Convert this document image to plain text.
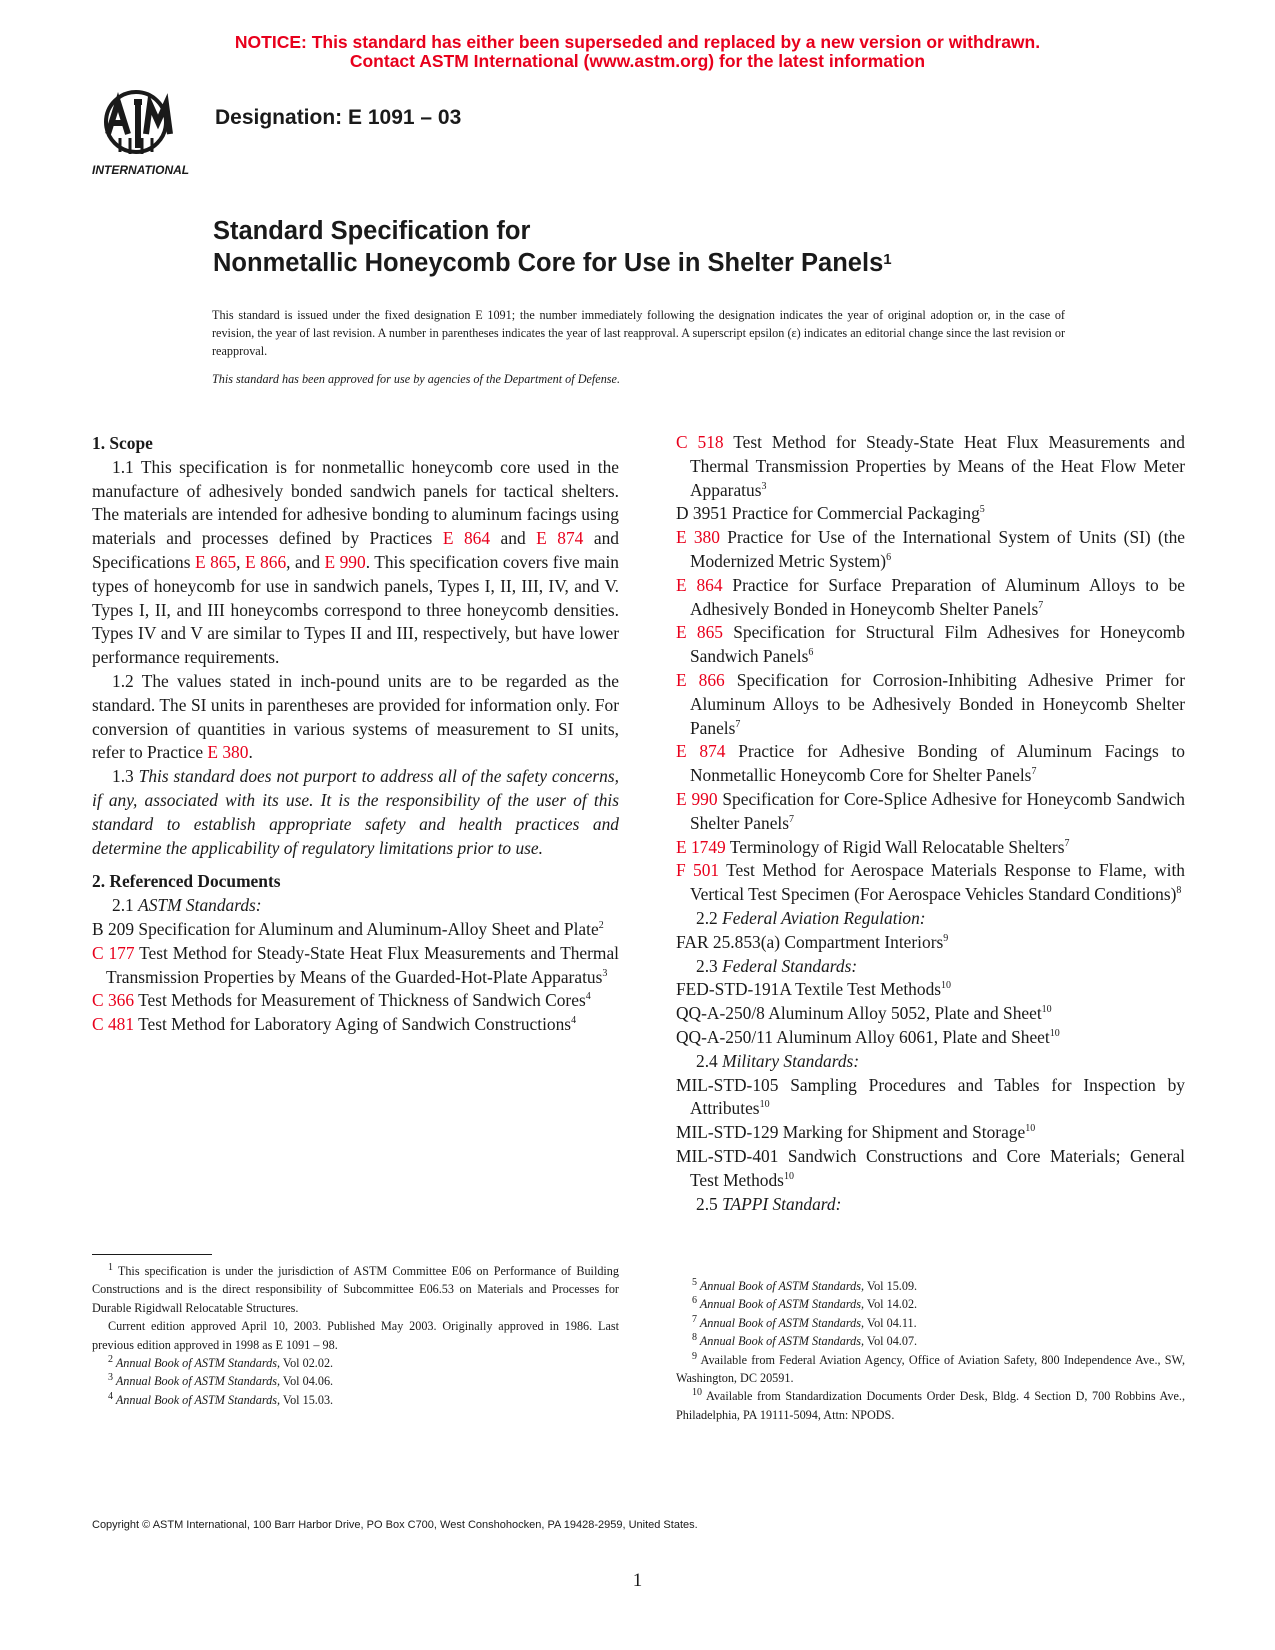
NOTICE: This standard has either been superseded and replaced by a new version or withdrawn.
Contact ASTM International (www.astm.org) for the latest information
INTERNATIONAL
Designation: E 1091 – 03
Standard Specification for
Nonmetallic Honeycomb Core for Use in Shelter Panels$^1$
This standard is issued under the fixed designation E 1091; the number immediately following the designation indicates the year of original adoption or, in the case of revision, the year of last revision. A number in parentheses indicates the year of last reapproval. A superscript epsilon (ε) indicates an editorial change since the last revision or reapproval.
This standard has been approved for use by agencies of the Department of Defense.

1. Scope

1.1 This specification is for nonmetallic honeycomb core used in the manufacture of adhesively bonded sandwich panels for tactical shelters. The materials are intended for adhesive bonding to aluminum facings using materials and processes defined by Practices E 864 and E 874 and Specifications E 865, E 866, and E 990. This specification covers five main types of honeycomb for use in sandwich panels, Types I, II, III, IV, and V. Types I, II, and III honeycombs correspond to three honeycomb densities. Types IV and V are similar to Types II and III, respectively, but have lower performance requirements.

1.2 The values stated in inch-pound units are to be regarded as the standard. The SI units in parentheses are provided for information only. For conversion of quantities in various systems of measurement to SI units, refer to Practice E 380.

1.3 This standard does not purport to address all of the safety concerns, if any, associated with its use. It is the responsibility of the user of this standard to establish appropriate safety and health practices and determine the applicability of regulatory limitations prior to use.

2. Referenced Documents

2.1 ASTM Standards:

B 209 Specification for Aluminum and Aluminum-Alloy Sheet and Plate$^2$

C 177 Test Method for Steady-State Heat Flux Measurements and Thermal Transmission Properties by Means of the Guarded-Hot-Plate Apparatus$^3$

C 366 Test Methods for Measurement of Thickness of Sandwich Cores$^4$

C 481 Test Method for Laboratory Aging of Sandwich Constructions$^4$

C 518 Test Method for Steady-State Heat Flux Measurements and Thermal Transmission Properties by Means of the Heat Flow Meter Apparatus$^3$

D 3951 Practice for Commercial Packaging$^5$

E 380 Practice for Use of the International System of Units (SI) (the Modernized Metric System)$^6$

E 864 Practice for Surface Preparation of Aluminum Alloys to be Adhesively Bonded in Honeycomb Shelter Panels$^7$

E 865 Specification for Structural Film Adhesives for Honeycomb Sandwich Panels$^6$

E 866 Specification for Corrosion-Inhibiting Adhesive Primer for Aluminum Alloys to be Adhesively Bonded in Honeycomb Shelter Panels$^7$

E 874 Practice for Adhesive Bonding of Aluminum Facings to Nonmetallic Honeycomb Core for Shelter Panels$^7$

E 990 Specification for Core-Splice Adhesive for Honeycomb Sandwich Shelter Panels$^7$

E 1749 Terminology of Rigid Wall Relocatable Shelters$^7$

F 501 Test Method for Aerospace Materials Response to Flame, with Vertical Test Specimen (For Aerospace Vehicles Standard Conditions)$^8$

2.2 Federal Aviation Regulation:

FAR 25.853(a) Compartment Interiors$^9$

2.3 Federal Standards:

FED-STD-191A Textile Test Methods$^{10}$

QQ-A-250/8 Aluminum Alloy 5052, Plate and Sheet$^{10}$

QQ-A-250/11 Aluminum Alloy 6061, Plate and Sheet$^{10}$

2.4 Military Standards:

MIL-STD-105 Sampling Procedures and Tables for Inspection by Attributes$^{10}$

MIL-STD-129 Marking for Shipment and Storage$^{10}$

MIL-STD-401 Sandwich Constructions and Core Materials; General Test Methods$^{10}$

2.5 TAPPI Standard:

$^1$ This specification is under the jurisdiction of ASTM Committee E06 on Performance of Building Constructions and is the direct responsibility of Subcommittee E06.53 on Materials and Processes for Durable Rigidwall Relocatable Structures.

Current edition approved April 10, 2003. Published May 2003. Originally approved in 1986. Last previous edition approved in 1998 as E 1091 – 98.

$^2$ Annual Book of ASTM Standards, Vol 02.02.

$^3$ Annual Book of ASTM Standards, Vol 04.06.

$^4$ Annual Book of ASTM Standards, Vol 15.03.

$^5$ Annual Book of ASTM Standards, Vol 15.09.

$^6$ Annual Book of ASTM Standards, Vol 14.02.

$^7$ Annual Book of ASTM Standards, Vol 04.11.

$^8$ Annual Book of ASTM Standards, Vol 04.07.

$^9$ Available from Federal Aviation Agency, Office of Aviation Safety, 800 Independence Ave., SW, Washington, DC 20591.

$^{10}$ Available from Standardization Documents Order Desk, Bldg. 4 Section D, 700 Robbins Ave., Philadelphia, PA 19111-5094, Attn: NPODS.

Copyright © ASTM International, 100 Barr Harbor Drive, PO Box C700, West Conshohocken, PA 19428-2959, United States.
1
